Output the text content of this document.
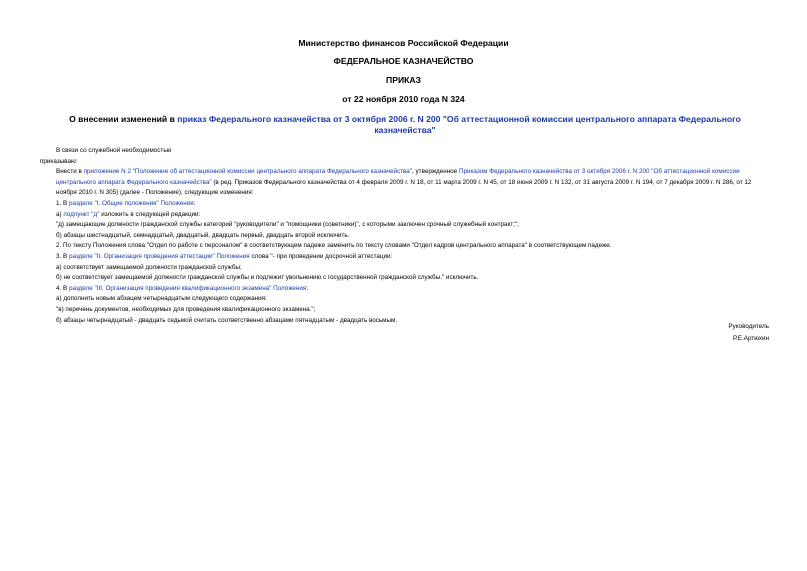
Министерство финансов Российской Федерации
ФЕДЕРАЛЬНОЕ КАЗНАЧЕЙСТВО
ПРИКАЗ
от 22 ноября 2010 года N 324
О внесении изменений в приказ Федерального казначейства от 3 октября 2006 г. N 200 "Об аттестационной комиссии центрального аппарата Федерального казначейства"

В связи со служебной необходимостью

приказываю:

Внести в приложение N 2 "Положение об аттестационной комиссии центрального аппарата Федерального казначейства", утвержденное Приказом Федерального казначейства от 3 октября 2006 г. N 200 "Об аттестационной комиссии центрального аппарата Федерального казначейства" (в ред. Приказов Федерального казначейства от 4 февраля 2009 г. N 18, от 11 марта 2009 г. N 45, от 18 июня 2009 г. N 132, от 31 августа 2009 г. N 194, от 7 декабря 2009 г. N 286, от 12 ноября 2010 г. N 305) (далее - Положение), следующие изменения:

1. В разделе "I. Общие положения" Положения:

а) подпункт "д" изложить в следующей редакции:

"д) замещающие должности гражданской службы категорий "руководители" и "помощники (советники)", с которыми заключен срочный служебный контракт;";

б) абзацы шестнадцатый, семнадцатый, двадцатый, двадцать первый, двадцать второй исключить.

2. По тексту Положения слова "Отдел по работе с персоналом" в соответствующем падеже заменить по тексту словами "Отдел кадров центрального аппарата" в соответствующем падеже.

3. В разделе "II. Организация проведения аттестации" Положения слова "- при проведении досрочной аттестации:

а) соответствует замещаемой должности гражданской службы;

б) не соответствует замещаемой должности гражданской службы и подлежит увольнению с государственной гражданской службы." исключить.

4. В разделе "III. Организация проведения квалификационного экзамена" Положения:

а) дополнить новым абзацем четырнадцатым следующего содержания:

"в) перечень документов, необходимых для проведения квалификационного экзамена.";

б) абзацы четырнадцатый - двадцать седьмой считать соответственно абзацами пятнадцатым - двадцать восьмым.

Руководитель
Р.Е.Артюхин
